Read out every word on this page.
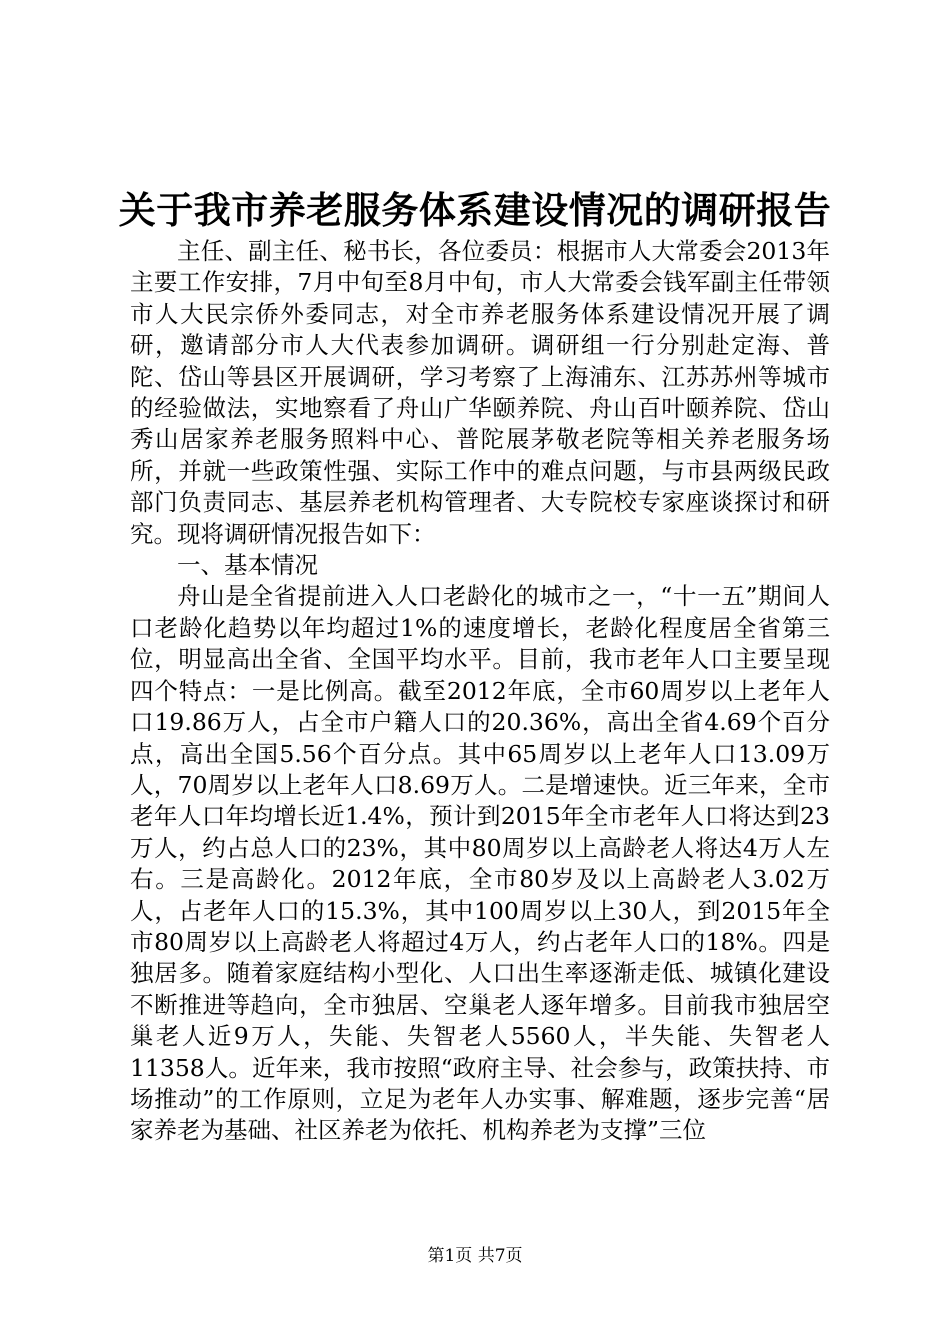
关于我市养老服务体系建设情况的调研报告

主任、副主任、秘书长，各位委员：根据市人大常委会2013年主要工作安排，7月中旬至8月中旬，市人大常委会钱军副主任带领市人大民宗侨外委同志，对全市养老服务体系建设情况开展了调研，邀请部分市人大代表参加调研。调研组一行分别赴定海、普陀、岱山等县区开展调研，学习考察了上海浦东、江苏苏州等城市的经验做法，实地察看了舟山广华颐养院、舟山百叶颐养院、岱山秀山居家养老服务照料中心、普陀展茅敬老院等相关养老服务场所，并就一些政策性强、实际工作中的难点问题，与市县两级民政部门负责同志、基层养老机构管理者、大专院校专家座谈探讨和研究。现将调研情况报告如下：

一、基本情况

舟山是全省提前进入人口老龄化的城市之一，“十一五”期间人口老龄化趋势以年均超过1%的速度增长，老龄化程度居全省第三位，明显高出全省、全国平均水平。目前，我市老年人口主要呈现四个特点：一是比例高。截至2012年底，全市60周岁以上老年人口19.86万人，占全市户籍人口的20.36%，高出全省4.69个百分点，高出全国5.56个百分点。其中65周岁以上老年人口13.09万人，70周岁以上老年人口8.69万人。二是增速快。近三年来，全市老年人口年均增长近1.4%，预计到2015年全市老年人口将达到23万人，约占总人口的23%，其中80周岁以上高龄老人将达4万人左右。三是高龄化。2012年底，全市80岁及以上高龄老人3.02万人，占老年人口的15.3%，其中100周岁以上30人，到2015年全市80周岁以上高龄老人将超过4万人，约占老年人口的18%。四是独居多。随着家庭结构小型化、人口出生率逐渐走低、城镇化建设不断推进等趋向，全市独居、空巢老人逐年增多。目前我市独居空巢老人近9万人，失能、失智老人5560人，半失能、失智老人11358人。近年来，我市按照“政府主导、社会参与，政策扶持、市场推动”的工作原则，立足为老年人办实事、解难题，逐步完善“居家养老为基础、社区养老为依托、机构养老为支撑”三位

第1页 共7页
